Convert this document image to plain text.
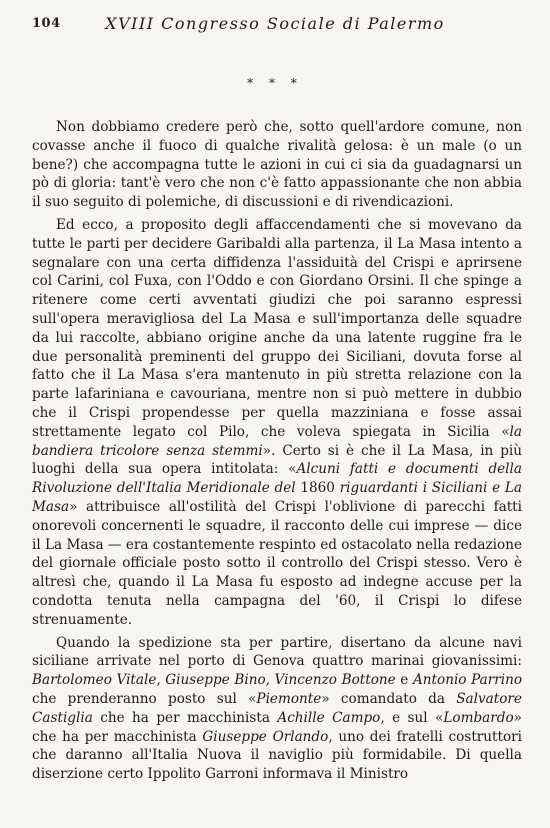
104	XVIII Congresso Sociale di Palermo
* * *

Non dobbiamo credere però che, sotto quell'ardore comune, non covasse anche il fuoco di qualche rivalità gelosa: è un male (o un bene?) che accompagna tutte le azioni in cui ci sia da guadagnarsi un pò di gloria: tant'è vero che non c'è fatto appassionante che non abbia il suo seguito di polemiche, di discussioni e di rivendicazioni.

Ed ecco, a proposito degli affaccendamenti che si movevano da tutte le parti per decidere Garibaldi alla partenza, il La Masa intento a segnalare con una certa diffidenza l'assiduità del Crispi e aprirsene col Carini, col Fuxa, con l'Oddo e con Giordano Orsini. Il che spinge a ritenere come certi avventati giudizi che poi saranno espressi sull'opera meravigliosa del La Masa e sull'importanza delle squadre da lui raccolte, abbiano origine anche da una latente ruggine fra le due personalità preminenti del gruppo dei Siciliani, dovuta forse al fatto che il La Masa s'era mantenuto in più stretta relazione con la parte lafariniana e cavouriana, mentre non si può mettere in dubbio che il Crispi propendesse per quella mazziniana e fosse assai strettamente legato col Pilo, che voleva spiegata in Sicilia «la bandiera tricolore senza stemmi». Certo si è che il La Masa, in più luoghi della sua opera intitolata: «Alcuni fatti e documenti della Rivoluzione dell'Italia Meridionale del 1860 riguardanti i Siciliani e La Masa» attribuisce all'ostilità del Crispi l'oblivione di parecchi fatti onorevoli concernenti le squadre, il racconto delle cui imprese — dice il La Masa — era costantemente respinto ed ostacolato nella redazione del giornale officiale posto sotto il controllo del Crispi stesso. Vero è altresì che, quando il La Masa fu esposto ad indegne accuse per la condotta tenuta nella campagna del '60, il Crispi lo difese strenuamente.

Quando la spedizione sta per partire, disertano da alcune navi siciliane arrivate nel porto di Genova quattro marinai giovanissimi: Bartolomeo Vitale, Giuseppe Bino, Vincenzo Bottone e Antonio Parrino che prenderanno posto sul «Piemonte» comandato da Salvatore Castiglia che ha per macchinista Achille Campo, e sul «Lombardo» che ha per macchinista Giuseppe Orlando, uno dei fratelli costruttori che daranno all'Italia Nuova il naviglio più formidabile. Di quella diserzione certo Ippolito Garroni informava il Ministro
